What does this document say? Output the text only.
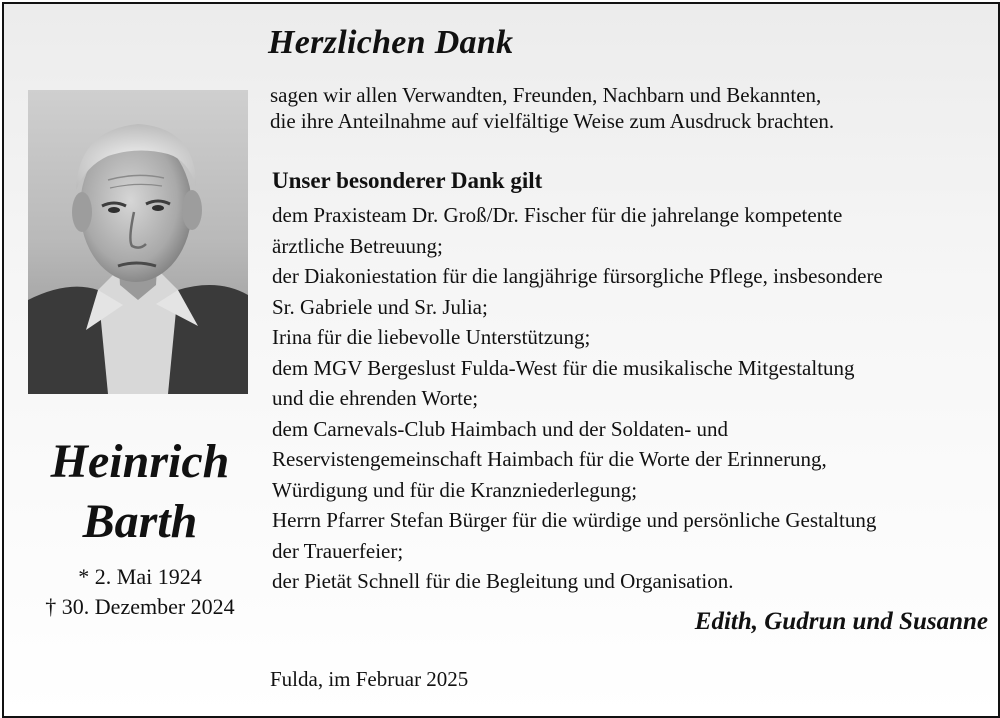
Heinrich
Barth
* 2. Mai 1924
† 30. Dezember 2024
Herzlichen Dank
sagen wir allen Verwandten, Freunden, Nachbarn und Bekannten,
die ihre Anteilnahme auf vielfältige Weise zum Ausdruck brachten.
Unser besonderer Dank gilt
dem Praxisteam Dr. Groß/Dr. Fischer für die jahrelange kompetente
ärztliche Betreuung;
der Diakoniestation für die langjährige fürsorgliche Pflege, insbesondere
Sr. Gabriele und Sr. Julia;
Irina für die liebevolle Unterstützung;
dem MGV Bergeslust Fulda-West für die musikalische Mitgestaltung
und die ehrenden Worte;
dem Carnevals-Club Haimbach und der Soldaten- und
Reservistengemeinschaft Haimbach für die Worte der Erinnerung,
Würdigung und für die Kranzniederlegung;
Herrn Pfarrer Stefan Bürger für die würdige und persönliche Gestaltung
der Trauerfeier;
der Pietät Schnell für die Begleitung und Organisation.
Edith, Gudrun und Susanne
Fulda, im Februar 2025
